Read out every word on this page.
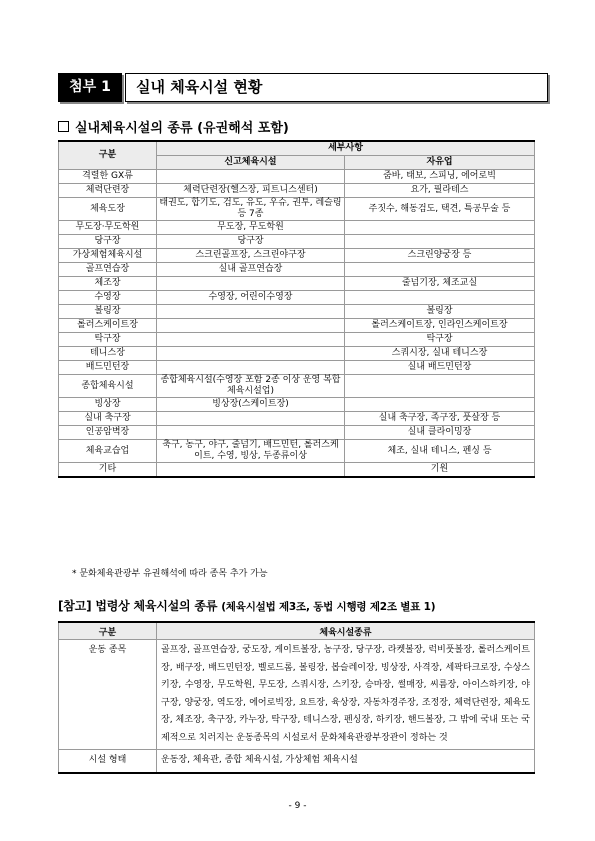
첨부 1	실내 체육시설 현황
실내체육시설의 종류 (유권해석 포함)
구분	세부사항	
	신고체육시설	자유업
격렬한 GX류		줌바, 태보, 스피닝, 에어로빅
체력단련장	체력단련장(헬스장, 피트니스센터)	요가, 필라테스
체육도장	태권도, 합기도, 검도, 유도, 우슈, 권투, 레슬링 등 7종	주짓수, 해동검도, 택견, 특공무술 등
무도장·무도학원	무도장, 무도학원	
당구장	당구장	
가상체험체육시설	스크린골프장, 스크린야구장	스크린양궁장 등
골프연습장	실내 골프연습장	
체조장		줄넘기장, 체조교실
수영장	수영장, 어린이수영장	
볼링장		볼링장
롤러스케이트장		롤러스케이트장, 인라인스케이트장
탁구장		탁구장
테니스장		스쿼시장, 실내 테니스장
배드민턴장		실내 배드민턴장
종합체육시설	종합체육시설(수영장 포함 2종 이상 운영 복합체육시설업)	
빙상장	빙상장(스케이트장)	
실내 축구장		실내 축구장, 족구장, 풋살장 등
인공암벽장		실내 클라이밍장
체육교습업	축구, 농구, 야구, 줄넘기, 배드민턴, 롤러스케이트, 수영, 빙상, 두종류이상	체조, 실내 테니스, 펜싱 등
기타		기원
* 문화체육관광부 유권해석에 따라 종목 추가 가능
[참고] 법령상 체육시설의 종류 (체육시설법 제3조, 동법 시행령 제2조 별표 1)
구분	체육시설종류
운동 종목	골프장, 골프연습장, 궁도장, 게이트볼장, 농구장, 당구장, 라켓볼장, 럭비풋볼장, 롤러스케이트장, 배구장, 배드민턴장, 벨로드롬, 볼링장, 봅슬레이장, 빙상장, 사격장, 세팍타크로장, 수상스키장, 수영장, 무도학원, 무도장, 스쿼시장, 스키장, 승마장, 썰매장, 씨름장, 아이스하키장, 야구장, 양궁장, 역도장, 에어로빅장, 요트장, 육상장, 자동차경주장, 조정장, 체력단련장, 체육도장, 체조장, 축구장, 카누장, 탁구장, 테니스장, 펜싱장, 하키장, 핸드볼장, 그 밖에 국내 또는 국제적으로 치러지는 운동종목의 시설로서 문화체육관광부장관이 정하는 것
시설 형태	운동장, 체육관, 종합 체육시설, 가상체험 체육시설
- 9 -
